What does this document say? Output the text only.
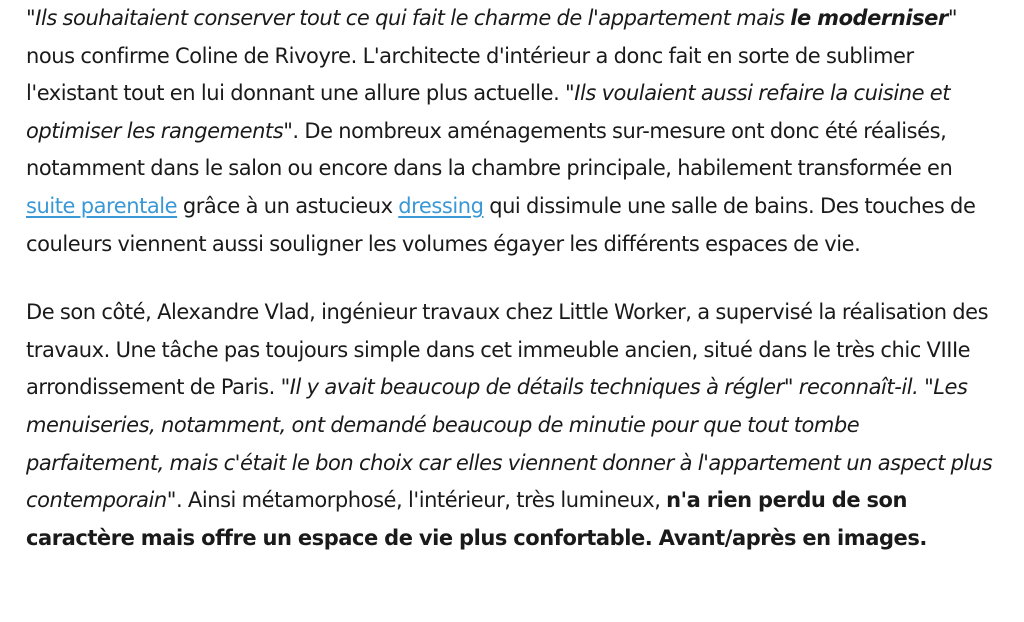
"Ils souhaitaient conserver tout ce qui fait le charme de l'appartement mais le moderniser" nous confirme Coline de Rivoyre. L'architecte d'intérieur a donc fait en sorte de sublimer l'existant tout en lui donnant une allure plus actuelle. "Ils voulaient aussi refaire la cuisine et optimiser les rangements". De nombreux aménagements sur-mesure ont donc été réalisés, notamment dans le salon ou encore dans la chambre principale, habilement transformée en suite parentale grâce à un astucieux dressing qui dissimule une salle de bains. Des touches de couleurs viennent aussi souligner les volumes égayer les différents espaces de vie.

De son côté, Alexandre Vlad, ingénieur travaux chez Little Worker, a supervisé la réalisation des travaux. Une tâche pas toujours simple dans cet immeuble ancien, situé dans le très chic VIIIe arrondissement de Paris. "Il y avait beaucoup de détails techniques à régler" reconnaît-il. "Les menuiseries, notamment, ont demandé beaucoup de minutie pour que tout tombe parfaitement, mais c'était le bon choix car elles viennent donner à l'appartement un aspect plus contemporain". Ainsi métamorphosé, l'intérieur, très lumineux, n'a rien perdu de son caractère mais offre un espace de vie plus confortable. Avant/après en images.
